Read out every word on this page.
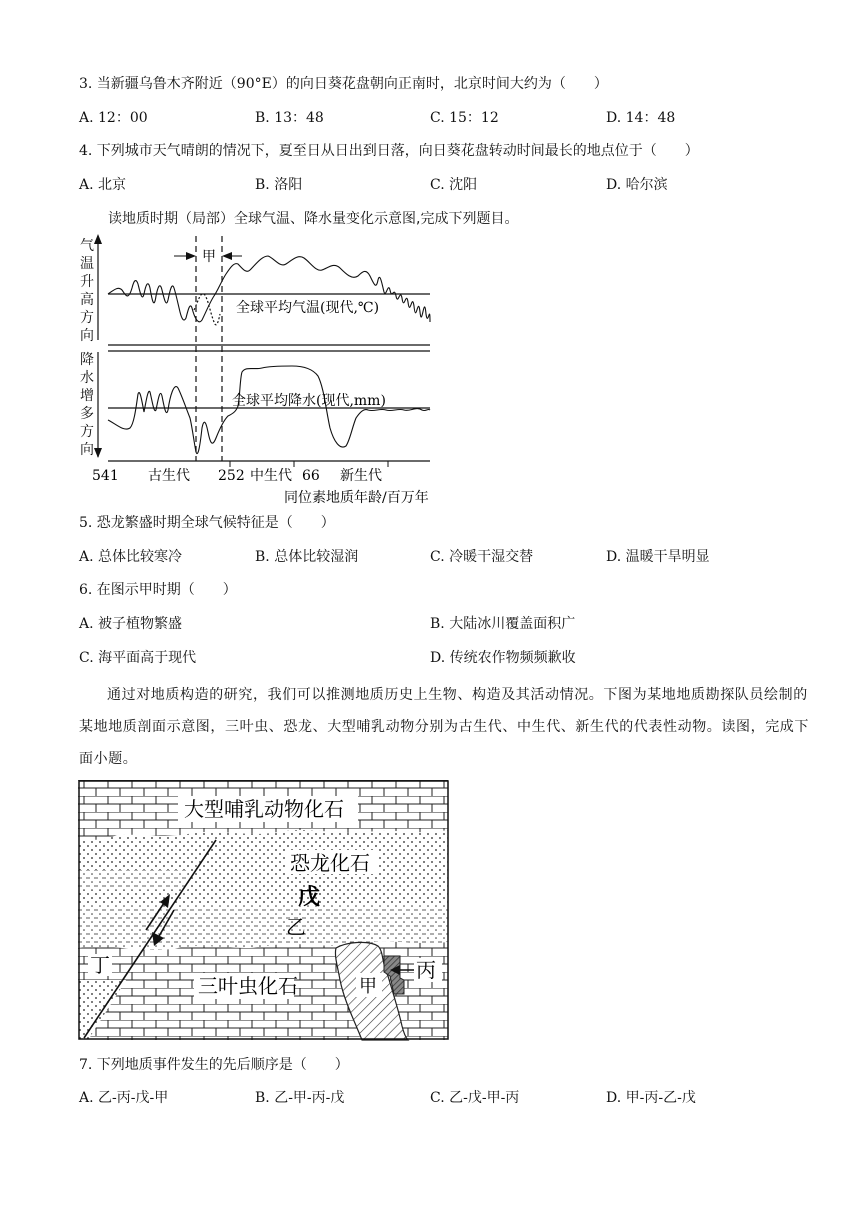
3. 当新疆乌鲁木齐附近（90°E）的向日葵花盘朝向正南时，北京时间大约为（　　）
A. 12：00	B. 13：48	C. 15：12	D. 14：48
4. 下列城市天气晴朗的情况下，夏至日从日出到日落，向日葵花盘转动时间最长的地点位于（　　）
A. 北京	B. 洛阳	C. 沈阳	D. 哈尔滨
读地质时期（局部）全球气温、降水量变化示意图,完成下列题目。
气
温
升
高
方
向
降
水
增
多
方
向
甲
全球平均气温(现代,℃)
全球平均降水(现代,mm)
541	252	66
古生代	中生代	新生代
同位素地质年龄/百万年
5. 恐龙繁盛时期全球气候特征是（　　）
A. 总体比较寒冷	B. 总体比较湿润	C. 冷暖干湿交替	D. 温暖干旱明显
6. 在图示甲时期（　　）
A. 被子植物繁盛	B. 大陆冰川覆盖面积广
C. 海平面高于现代	D. 传统农作物频频歉收
通过对地质构造的研究，我们可以推测地质历史上生物、构造及其活动情况。下图为某地地质勘探队员绘制的某地地质剖面示意图，三叶虫、恐龙、大型哺乳动物分别为古生代、中生代、新生代的代表性动物。读图，完成下面小题。
大型哺乳动物化石
恐龙化石
戊
乙
丁
三叶虫化石	甲
丙
7. 下列地质事件发生的先后顺序是（　　）
A. 乙-丙-戊-甲	B. 乙-甲-丙-戊	C. 乙-戊-甲-丙	D. 甲-丙-乙-戊
